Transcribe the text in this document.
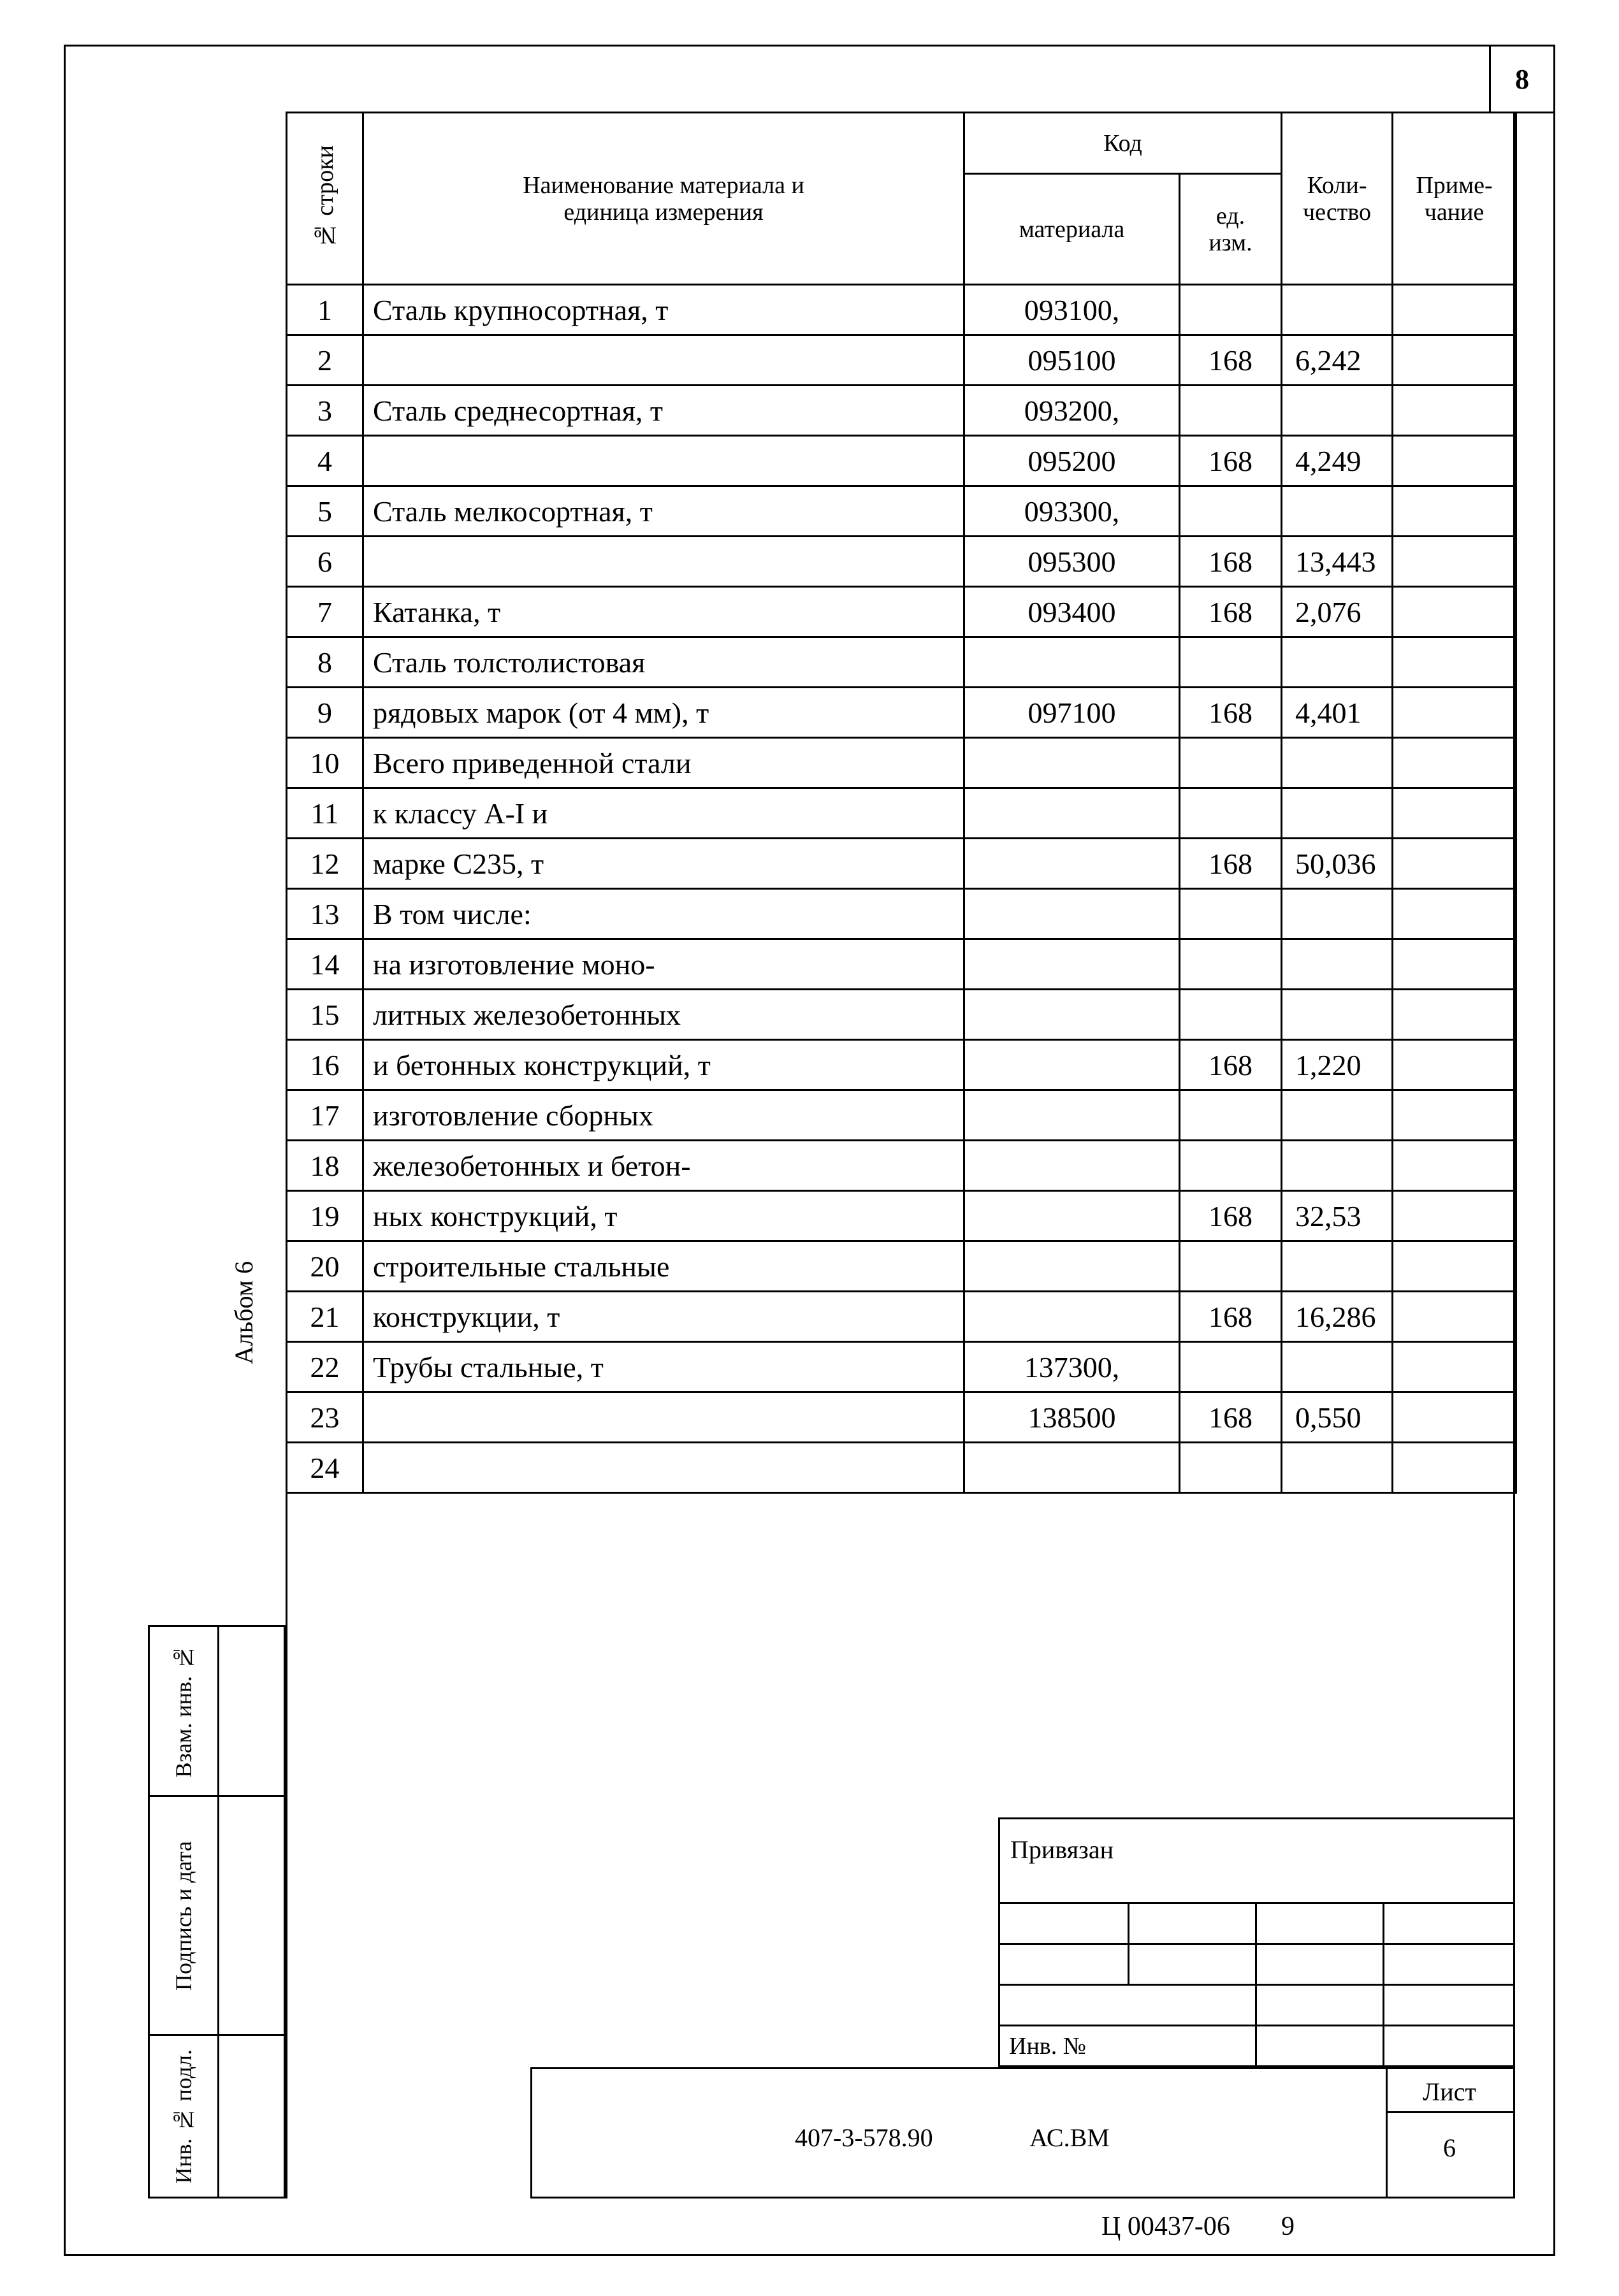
8
№ строки	Наименование материала и единица измерения	Код		Коли-чество	Приме-чание
		материала	ед. изм.		
1	Сталь крупносортная, т	093100,			
2		095100	168	6,242	
3	Сталь среднесортная, т	093200,			
4		095200	168	4,249	
5	Сталь мелкосортная, т	093300,			
6		095300	168	13,443	
7	Катанка, т	093400	168	2,076	
8	Сталь толстолистовая				
9	рядовых марок (от 4 мм), т	097100	168	4,401	
10	Всего приведенной стали				
11	к классу A-I и				
12	марке С235, т		168	50,036	
13	В том числе:				
14	на изготовление моно-				
15	литных железобетонных				
16	и бетонных конструкций, т		168	1,220	
17	изготовление сборных				
18	железобетонных и бетон-				
19	ных конструкций, т		168	32,53	
20	строительные стальные				
21	конструкции, т		168	16,286	
22	Трубы стальные, т	137300,			
23		138500	168	0,550	
24					
Альбом 6
Взам. инв. №
Подпись и дата
Инв. № подл.
Привязан
Инв. №
407-3-578.90	АС.ВМ
Лист
6
Ц 00437-06 9
